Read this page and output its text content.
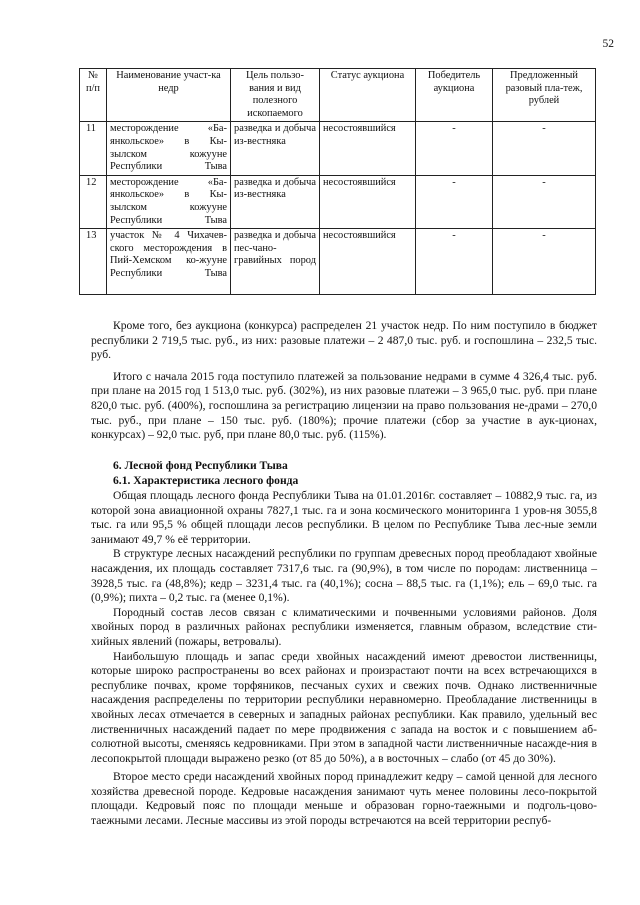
52
№ п/п	Наименование участ-ка недр	Цель пользо-вания и вид полезного ископаемого	Статус аукциона	Победитель аукциона	Предложенный разовый пла-теж, рублей
11	месторождение «Ба-янкольское» в Кы-зылском кожууне Республики Тыва	разведка и добыча из-вестняка	несостоявшийся	-	-
12	месторождение «Ба-янкольское» в Кы-зылском кожууне Республики Тыва	разведка и добыча из-вестняка	несостоявшийся	-	-
13	участок № 4 Чихачев-ского месторождения в Пий-Хемском ко-жууне Республики Тыва	разведка и добыча пес-чано-гравийных пород	несостоявшийся	-	-

Кроме того, без аукциона (конкурса) распределен 21 участок недр. По ним поступило в бюджет республики 2 719,5 тыс. руб., из них: разовые платежи – 2 487,0 тыс. руб. и госпошлина – 232,5 тыс. руб.

Итого с начала 2015 года поступило платежей за пользование недрами в сумме 4 326,4 тыс. руб. при плане на 2015 год 1 513,0 тыс. руб. (302%), из них разовые платежи – 3 965,0 тыс. руб. при плане 820,0 тыс. руб. (400%), госпошлина за регистрацию лицензии на право пользования не-драми – 270,0 тыс. руб., при плане – 150 тыс. руб. (180%); прочие платежи (сбор за участие в аук-ционах, конкурсах) – 92,0 тыс. руб, при плане 80,0 тыс. руб. (115%).

6. Лесной фонд Республики Тыва
6.1. Характеристика лесного фонда

Общая площадь лесного фонда Республики Тыва на 01.01.2016г. составляет – 10882,9 тыс. га, из которой зона авиационной охраны 7827,1 тыс. га и зона космического мониторинга 1 уров-ня 3055,8 тыс. га или 95,5 % общей площади лесов республики. В целом по Республике Тыва лес-ные земли занимают 49,7 % её территории.

В структуре лесных насаждений республики по группам древесных пород преобладают хвойные насаждения, их площадь составляет 7317,6 тыс. га (90,9%), в том числе по породам: лиственница – 3928,5 тыс. га (48,8%); кедр – 3231,4 тыс. га (40,1%); сосна – 88,5 тыс. га (1,1%); ель – 69,0 тыс. га (0,9%); пихта – 0,2 тыс. га (менее 0,1%).

Породный состав лесов связан с климатическими и почвенными условиями районов. Доля хвойных пород в различных районах республики изменяется, главным образом, вследствие сти-хийных явлений (пожары, ветровалы).

Наибольшую площадь и запас среди хвойных насаждений имеют древостои лиственницы, которые широко распространены во всех районах и произрастают почти на всех встречающихся в республике почвах, кроме торфяников, песчаных сухих и свежих почв. Однако лиственничные насаждения распределены по территории республики неравномерно. Преобладание лиственницы в хвойных лесах отмечается в северных и западных районах республики. Как правило, удельный вес лиственничных насаждений падает по мере продвижения с запада на восток и с повышением аб-солютной высоты, сменяясь кедровниками. При этом в западной части лиственничные насажде-ния в лесопокрытой площади выражено резко (от 85 до 50%), а в восточных – слабо (от 45 до 30%).

Второе место среди насаждений хвойных пород принадлежит кедру – самой ценной для лесного хозяйства древесной породе. Кедровые насаждения занимают чуть менее половины лесо-покрытой площади. Кедровый пояс по площади меньше и образован горно-таежными и подголь-цово-таежными лесами. Лесные массивы из этой породы встречаются на всей территории респуб-
